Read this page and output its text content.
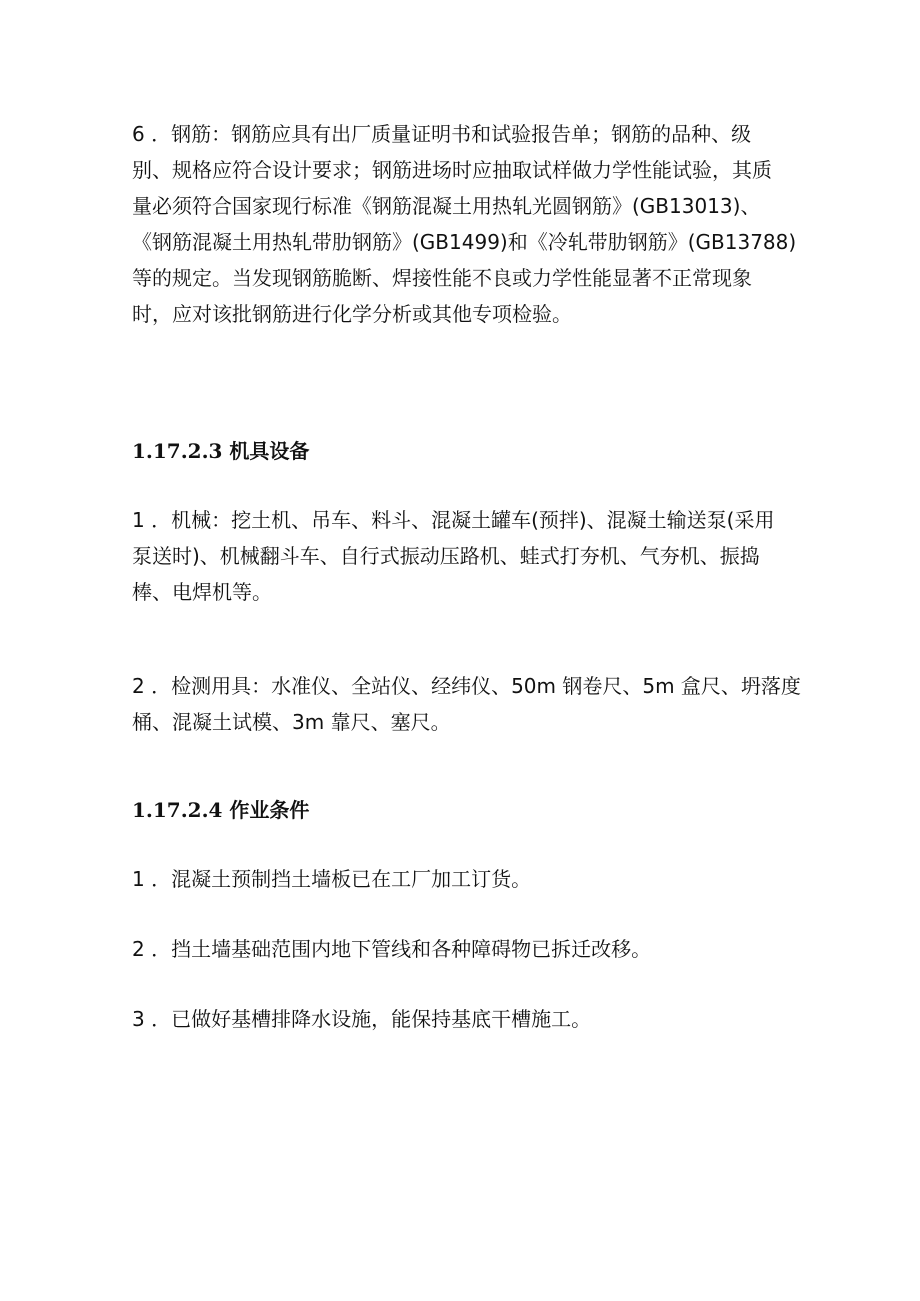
6 ．钢筋：钢筋应具有出厂质量证明书和试验报告单；钢筋的品种、级
别、规格应符合设计要求；钢筋进场时应抽取试样做力学性能试验，其质
量必须符合国家现行标准《钢筋混凝土用热轧光圆钢筋》(GB13013)、
《钢筋混凝土用热轧带肋钢筋》(GB1499)和《冷轧带肋钢筋》(GB13788)
等的规定。当发现钢筋脆断、焊接性能不良或力学性能显著不正常现象
时，应对该批钢筋进行化学分析或其他专项检验。

1.17.2.3 机具设备

1 ．机械：挖土机、吊车、料斗、混凝土罐车(预拌)、混凝土输送泵(采用
泵送时)、机械翻斗车、自行式振动压路机、蛙式打夯机、气夯机、振捣
棒、电焊机等。

2 ．检测用具：水准仪、全站仪、经纬仪、50m 钢卷尺、5m 盒尺、坍落度
桶、混凝土试模、3m 靠尺、塞尺。

1.17.2.4 作业条件

1 ．混凝土预制挡土墙板已在工厂加工订货。

2 ．挡土墙基础范围内地下管线和各种障碍物已拆迁改移。

3 ．已做好基槽排降水设施，能保持基底干槽施工。
